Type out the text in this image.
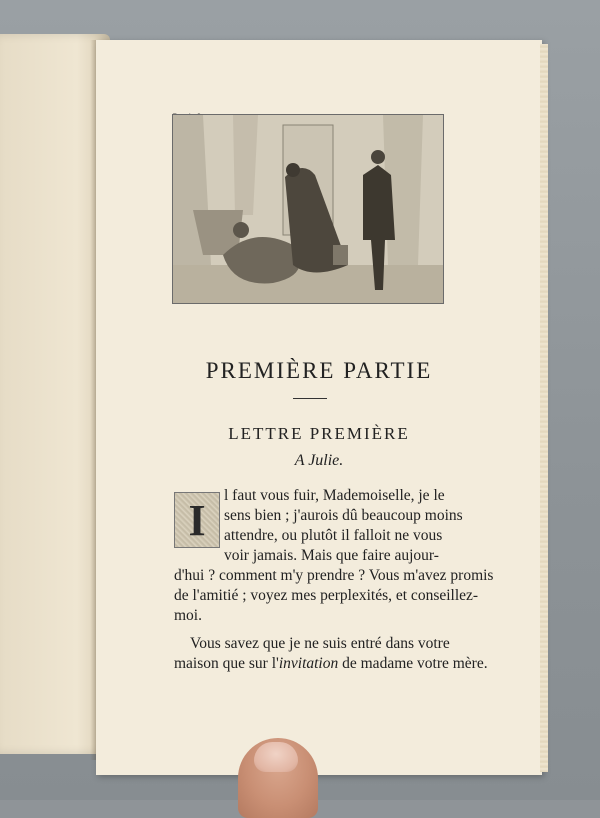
PREMIÈRE PARTIE
LETTRE PREMIÈRE
A Julie.
I	l faut vous fuir, Mademoiselle, je le
sens bien ; j'aurois dû beaucoup moins
attendre, ou plutôt il falloit ne vous
voir jamais. Mais que faire aujour-
d'hui ? comment m'y prendre ? Vous m'avez promis
de l'amitié ; voyez mes perplexités, et conseillez-
moi.
Vous savez que je ne suis entré dans votre
maison que sur l'invitation de madame votre mère.
